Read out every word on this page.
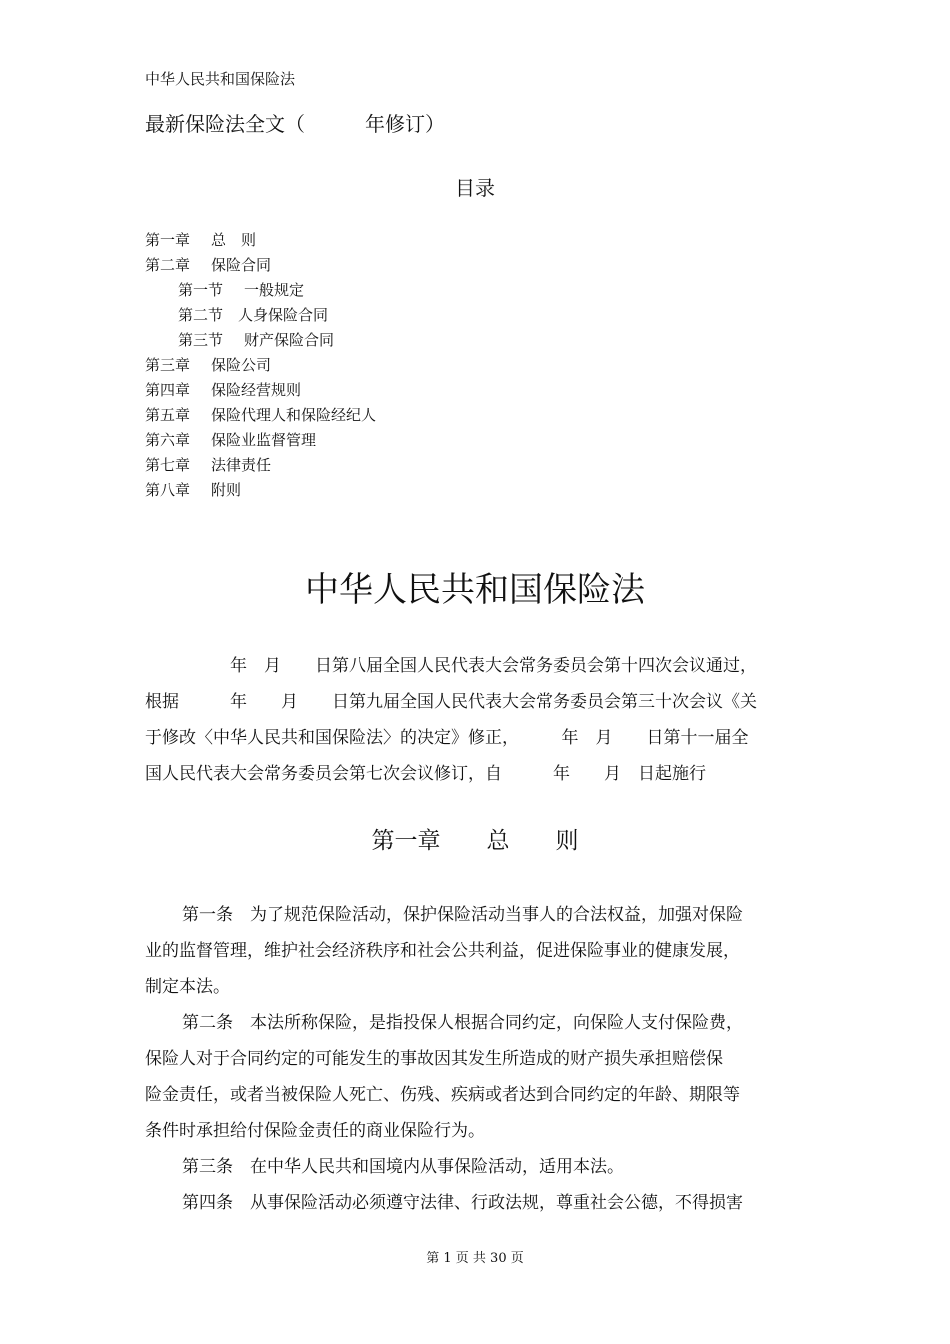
中华人民共和国保险法
最新保险法全文（　　　年修订）
目录
第一章 总　则
第二章 保险合同
第一节 一般规定
第二节 人身保险合同
第三节 财产保险合同
第三章 保险公司
第四章 保险经营规则
第五章 保险代理人和保险经纪人
第六章 保险业监督管理
第七章 法律责任
第八章 附则
中华人民共和国保险法
　　　　　年　月　　日第八届全国人民代表大会常务委员会第十四次会议通过，
根据　　　年　　月　　日第九届全国人民代表大会常务委员会第三十次会议《关
于修改〈中华人民共和国保险法〉的决定》修正，　　　年　月　　日第十一届全
国人民代表大会常务委员会第七次会议修订，自　　　年　　月　日起施行
第一章　　总　　则
第一条　为了规范保险活动，保护保险活动当事人的合法权益，加强对保险
业的监督管理，维护社会经济秩序和社会公共利益，促进保险事业的健康发展，
制定本法。
第二条　本法所称保险，是指投保人根据合同约定，向保险人支付保险费，
保险人对于合同约定的可能发生的事故因其发生所造成的财产损失承担赔偿保
险金责任，或者当被保险人死亡、伤残、疾病或者达到合同约定的年龄、期限等
条件时承担给付保险金责任的商业保险行为。
第三条　在中华人民共和国境内从事保险活动，适用本法。
第四条　从事保险活动必须遵守法律、行政法规，尊重社会公德，不得损害
第 1 页 共 30 页
